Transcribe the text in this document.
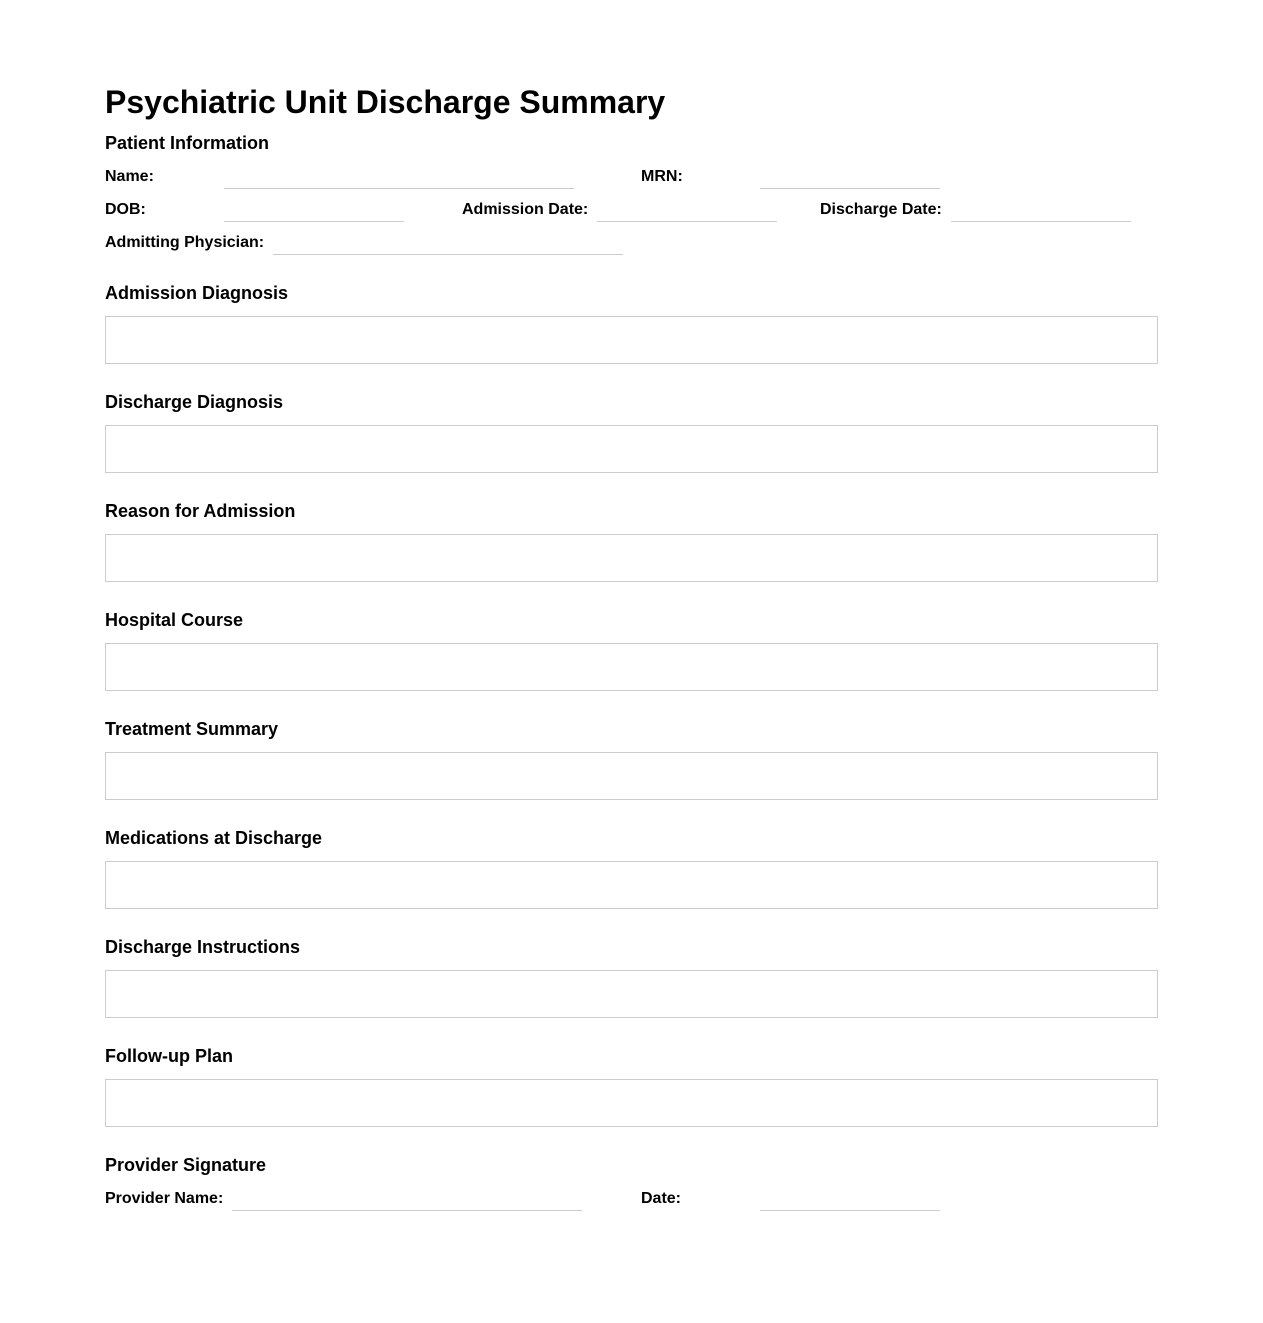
Psychiatric Unit Discharge Summary
Patient Information
Name:	MRN:
DOB:	Admission Date:	Discharge Date:
Admitting Physician:
Admission Diagnosis
Discharge Diagnosis
Reason for Admission
Hospital Course
Treatment Summary
Medications at Discharge
Discharge Instructions
Follow-up Plan
Provider Signature
Provider Name:	Date:
